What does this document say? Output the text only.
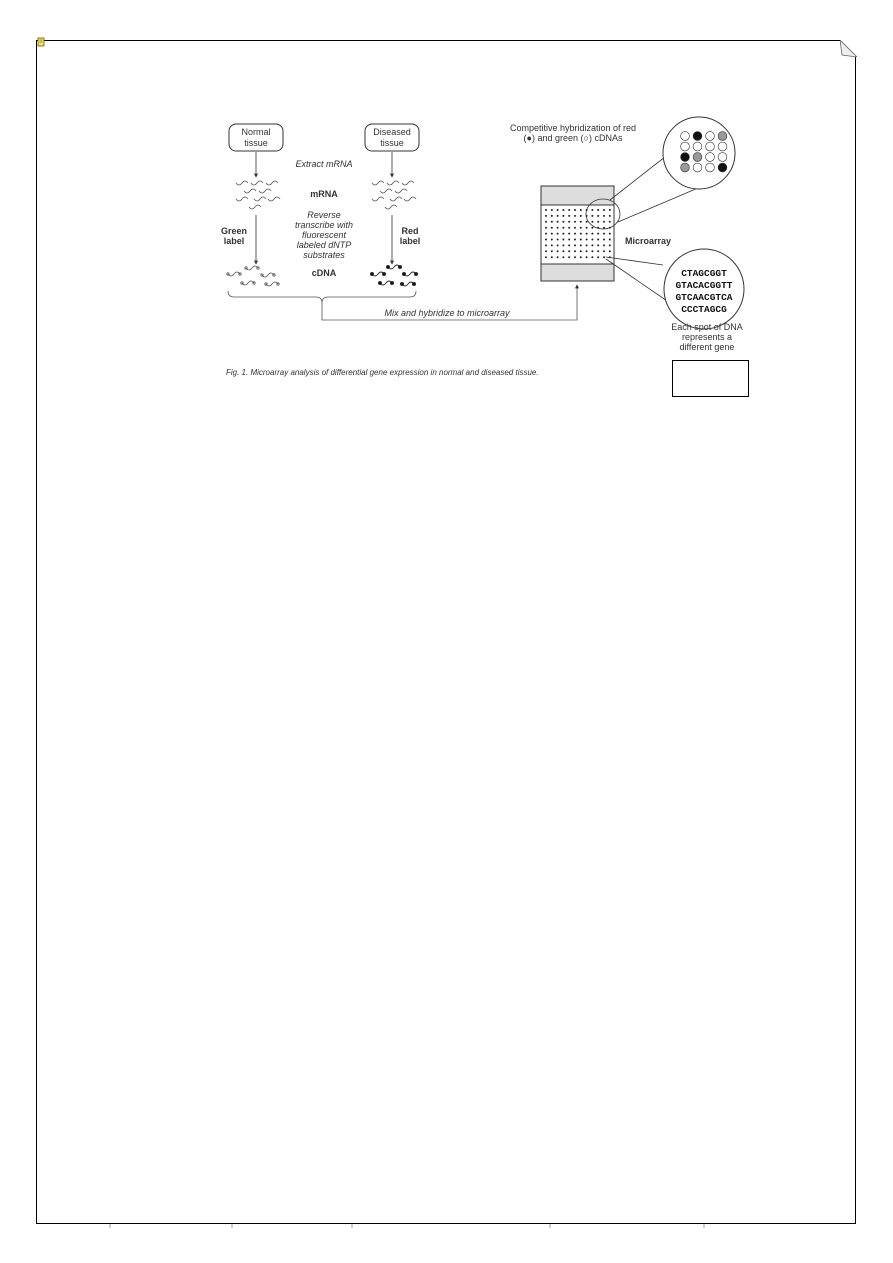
Normal
tissue
Diseased
tissue
Extract mRNA
mRNA
Reverse
transcribe with
fluorescent
labeled dNTP
substrates
Green
label
Red
label
cDNA
Mix and hybridize to microarray
Microarray
Competitive hybridization of red
(●) and green (○) cDNAs
CTAGCGGT
GTACACGGTT
GTCAACGTCA
CCCTAGCG
Each spot of DNA
represents a
different gene
Fig. 1. Microarray analysis of differential gene expression in normal and diseased tissue.
